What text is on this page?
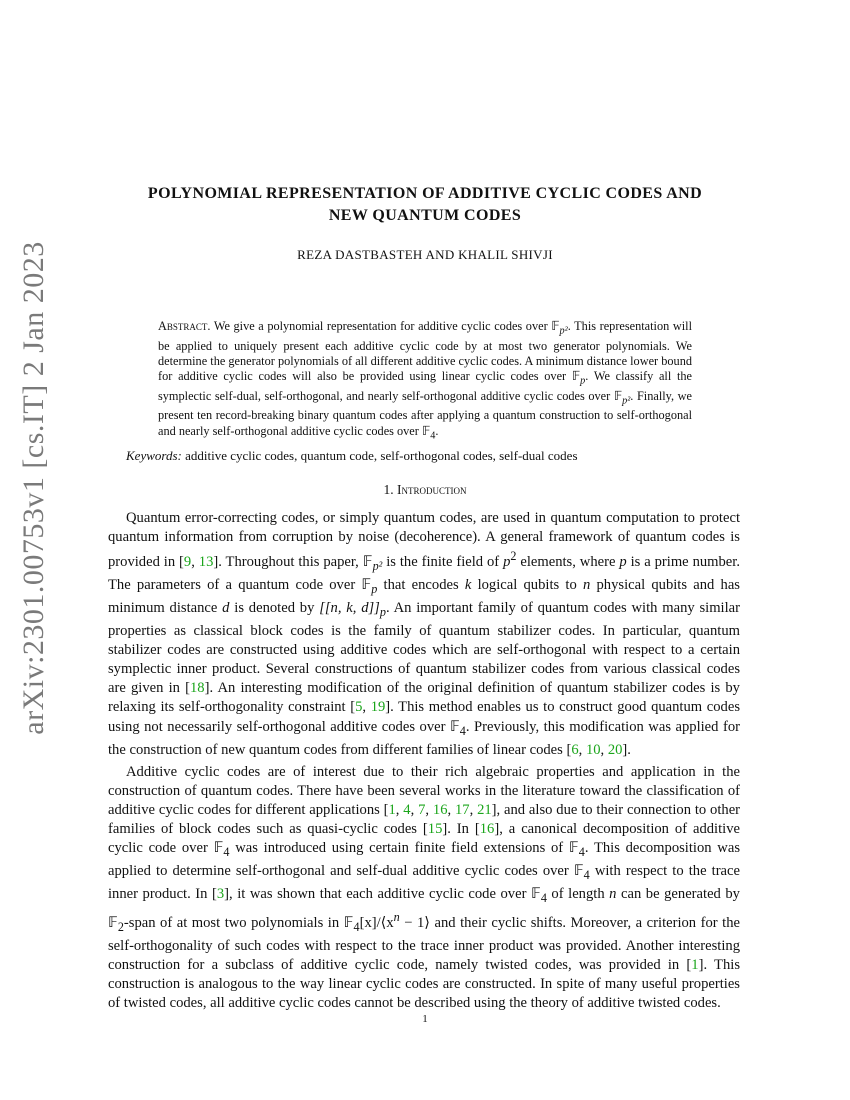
arXiv:2301.00753v1 [cs.IT] 2 Jan 2023
POLYNOMIAL REPRESENTATION OF ADDITIVE CYCLIC CODES AND
NEW QUANTUM CODES
REZA DASTBASTEH AND KHALIL SHIVJI
Abstract. We give a polynomial representation for additive cyclic codes over 𝔽$_{p^2}$. This representation will be applied to uniquely present each additive cyclic code by at most two generator polynomials. We determine the generator polynomials of all different additive cyclic codes. A minimum distance lower bound for additive cyclic codes will also be provided using linear cyclic codes over 𝔽$_p$. We classify all the symplectic self-dual, self-orthogonal, and nearly self-orthogonal additive cyclic codes over 𝔽$_{p^2}$. Finally, we present ten record-breaking binary quantum codes after applying a quantum construction to self-orthogonal and nearly self-orthogonal additive cyclic codes over 𝔽$_4$.
Keywords: additive cyclic codes, quantum code, self-orthogonal codes, self-dual codes
1. Introduction

Quantum error-correcting codes, or simply quantum codes, are used in quantum computation to protect quantum information from corruption by noise (decoherence). A general framework of quantum codes is provided in [9, 13]. Throughout this paper, 𝔽$_{p^2}$ is the finite field of $p^2$ elements, where p is a prime number. The parameters of a quantum code over 𝔽$_p$ that encodes k logical qubits to n physical qubits and has minimum distance d is denoted by [[n, k, $d]]_p$. An important family of quantum codes with many similar properties as classical block codes is the family of quantum stabilizer codes. In particular, quantum stabilizer codes are constructed using additive codes which are self-orthogonal with respect to a certain symplectic inner product. Several constructions of quantum stabilizer codes from various classical codes are given in [18]. An interesting modification of the original definition of quantum stabilizer codes is by relaxing its self-orthogonality constraint [5, 19]. This method enables us to construct good quantum codes using not necessarily self-orthogonal additive codes over 𝔽$_4$. Previously, this modification was applied for the construction of new quantum codes from different families of linear codes [6, 10, 20].

Additive cyclic codes are of interest due to their rich algebraic properties and application in the construction of quantum codes. There have been several works in the literature toward the classification of additive cyclic codes for different applications [1, 4, 7, 16, 17, 21], and also due to their connection to other families of block codes such as quasi-cyclic codes [15]. In [16], a canonical decomposition of additive cyclic code over 𝔽$_4$ was introduced using certain finite field extensions of 𝔽$_4$. This decomposition was applied to determine self-orthogonal and self-dual additive cyclic codes over 𝔽$_4$ with respect to the trace inner product. In [3], it was shown that each additive cyclic code over 𝔽$_4$ of length n can be generated by 𝔽$_2$-span of at most two polynomials in $𝔽_4[x]/⟨x^n$ − 1⟩ and their cyclic shifts. Moreover, a criterion for the self-orthogonality of such codes with respect to the trace inner product was provided. Another interesting construction for a subclass of additive cyclic code, namely twisted codes, was provided in [1]. This construction is analogous to the way linear cyclic codes are constructed. In spite of many useful properties of twisted codes, all additive cyclic codes cannot be described using the theory of additive twisted codes.

1
